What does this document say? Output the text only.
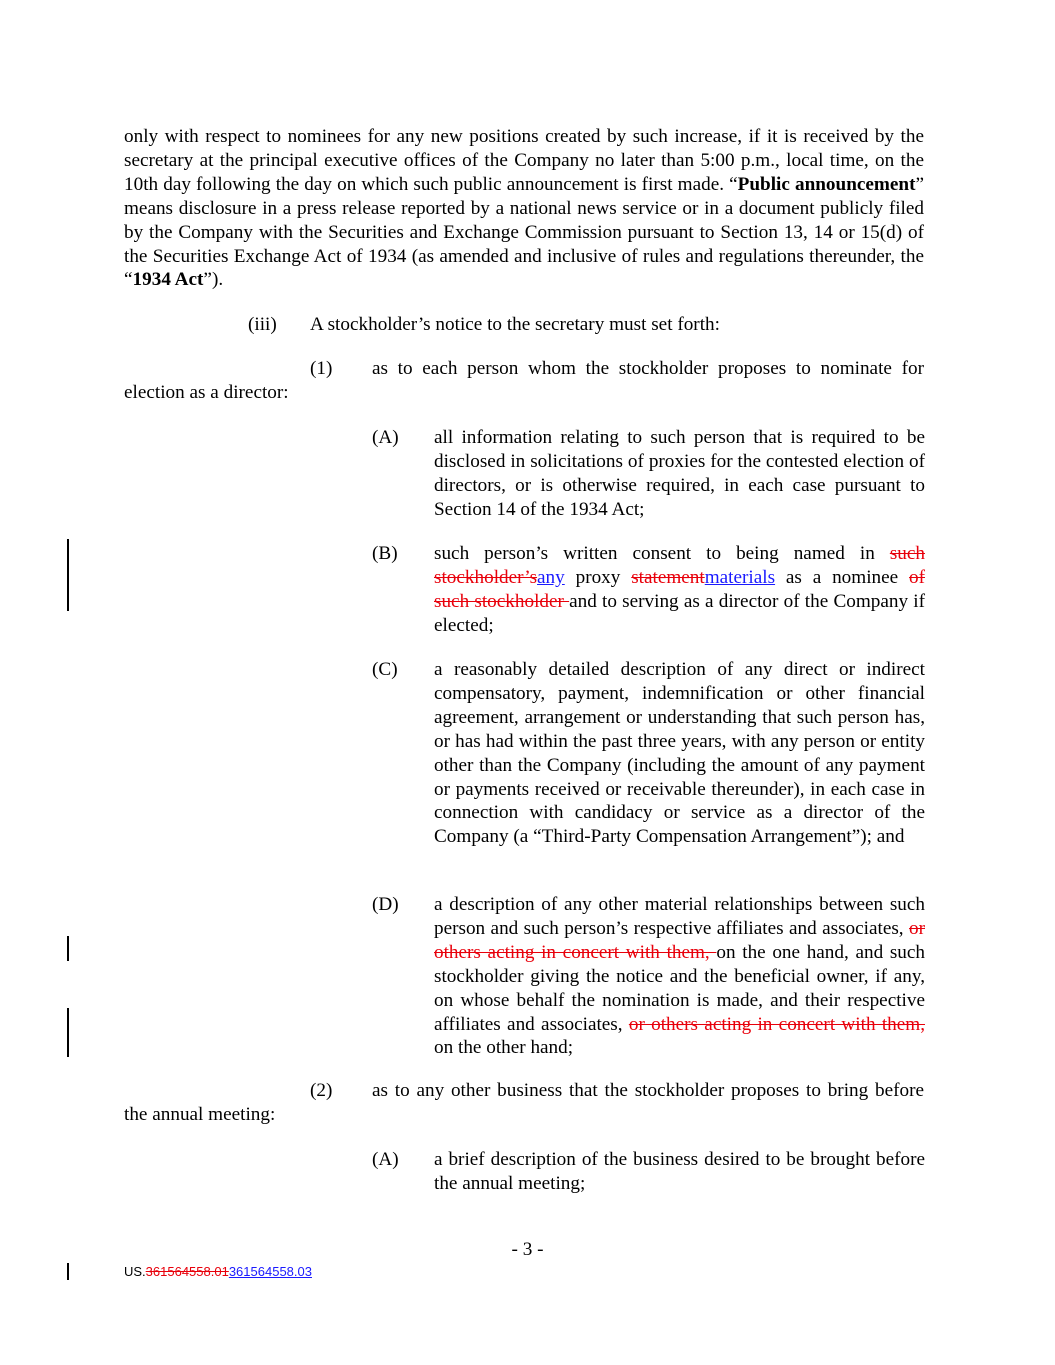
only with respect to nominees for any new positions created by such increase, if it is received by the secretary at the principal executive offices of the Company no later than 5:00 p.m., local time, on the 10th day following the day on which such public announcement is first made. “Public announcement” means disclosure in a press release reported by a national news service or in a document publicly filed by the Company with the Securities and Exchange Commission pursuant to Section 13, 14 or 15(d) of the Securities Exchange Act of 1934 (as amended and inclusive of rules and regulations thereunder, the “1934 Act”).

(iii) A stockholder’s notice to the secretary must set forth:
(1)	as to each person whom the stockholder proposes to nominate for election as a director:

(A) all information relating to such person that is required to be disclosed in solicitations of proxies for the contested election of directors, or is otherwise required, in each case pursuant to Section 14 of the 1934 Act;

(B) such person’s written consent to being named in such stockholder’sany proxy statementmaterials as a nominee of such stockholder and to serving as a director of the Company if elected;

(C) a reasonably detailed description of any direct or indirect compensatory, payment, indemnification or other financial agreement, arrangement or understanding that such person has, or has had within the past three years, with any person or entity other than the Company (including the amount of any payment or payments received or receivable thereunder), in each case in connection with candidacy or service as a director of the Company (a “Third-Party Compensation Arrangement”); and

(D) a description of any other material relationships between such person and such person’s respective affiliates and associates, or others acting in concert with them, on the one hand, and such stockholder giving the notice and the beneficial owner, if any, on whose behalf the nomination is made, and their respective affiliates and associates, or others acting in concert with them, on the other hand;

(2)	as to any other business that the stockholder proposes to bring before the annual meeting:

(A) a brief description of the business desired to be brought before the annual meeting;

- 3 -
US.361564558.01361564558.03
